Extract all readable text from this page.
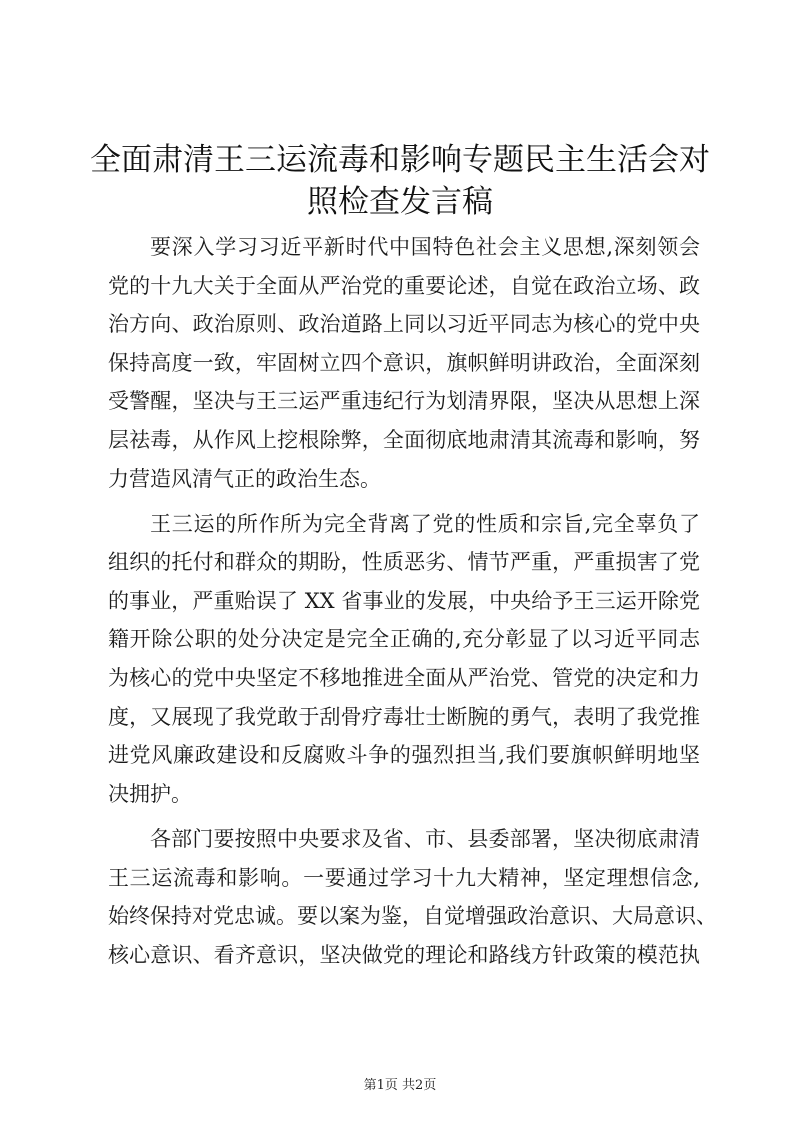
全面肃清王三运流毒和影响专题民主生活会对
照检查发言稿
要深入学习习近平新时代中国特色社会主义思想,深刻领会
党的十九大关于全面从严治党的重要论述，自觉在政治立场、政
治方向、政治原则、政治道路上同以习近平同志为核心的党中央
保持高度一致，牢固树立四个意识，旗帜鲜明讲政治，全面深刻
受警醒，坚决与王三运严重违纪行为划清界限，坚决从思想上深
层祛毒，从作风上挖根除弊，全面彻底地肃清其流毒和影响，努
力营造风清气正的政治生态。
王三运的所作所为完全背离了党的性质和宗旨,完全辜负了
组织的托付和群众的期盼，性质恶劣、情节严重，严重损害了党
的事业，严重贻误了 XX 省事业的发展，中央给予王三运开除党
籍开除公职的处分决定是完全正确的,充分彰显了以习近平同志
为核心的党中央坚定不移地推进全面从严治党、管党的决定和力
度，又展现了我党敢于刮骨疗毒壮士断腕的勇气，表明了我党推
进党风廉政建设和反腐败斗争的强烈担当,我们要旗帜鲜明地坚
决拥护。
各部门要按照中央要求及省、市、县委部署，坚决彻底肃清
王三运流毒和影响。一要通过学习十九大精神，坚定理想信念,
始终保持对党忠诚。要以案为鉴，自觉增强政治意识、大局意识、
核心意识、看齐意识，坚决做党的理论和路线方针政策的模范执
第1页 共2页
